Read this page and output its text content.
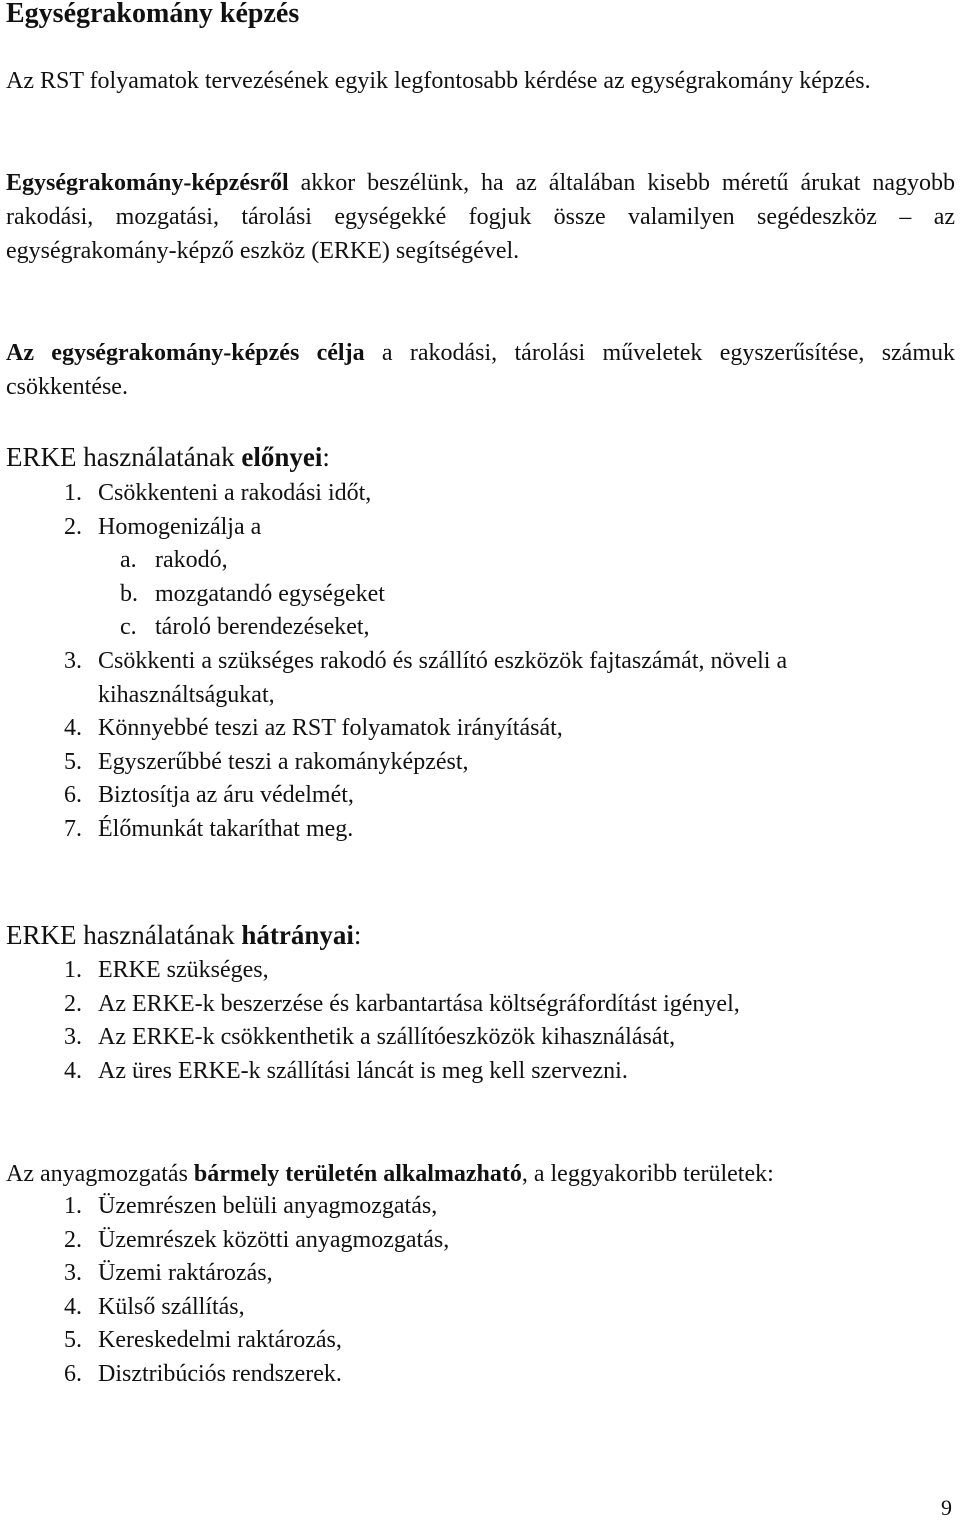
Egységrakomány képzés

Az RST folyamatok tervezésének egyik legfontosabb kérdése az egységrakomány képzés.

Egységrakomány-képzésről akkor beszélünk, ha az általában kisebb méretű árukat nagyobb rakodási, mozgatási, tárolási egységekké fogjuk össze valamilyen segédeszköz – az egységrakomány-képző eszköz (ERKE) segítségével.

Az egységrakomány-képzés célja a rakodási, tárolási műveletek egyszerűsítése, számuk csökkentése.

ERKE használatának előnyei:
1. Csökkenteni a rakodási időt,
2. Homogenizálja a
a. rakodó,
b. mozgatandó egységeket
c. tároló berendezéseket,
3. Csökkenti a szükséges rakodó és szállító eszközök fajtaszámát, növeli a kihasználtságukat,
4. Könnyebbé teszi az RST folyamatok irányítását,
5. Egyszerűbbé teszi a rakományképzést,
6. Biztosítja az áru védelmét,
7. Élőmunkát takaríthat meg.
ERKE használatának hátrányai:
1. ERKE szükséges,
2. Az ERKE-k beszerzése és karbantartása költségráfordítást igényel,
3. Az ERKE-k csökkenthetik a szállítóeszközök kihasználását,
4. Az üres ERKE-k szállítási láncát is meg kell szervezni.

Az anyagmozgatás bármely területén alkalmazható, a leggyakoribb területek:

1. Üzemrészen belüli anyagmozgatás,
2. Üzemrészek közötti anyagmozgatás,
3. Üzemi raktározás,
4. Külső szállítás,
5. Kereskedelmi raktározás,
6. Disztribúciós rendszerek.
9
